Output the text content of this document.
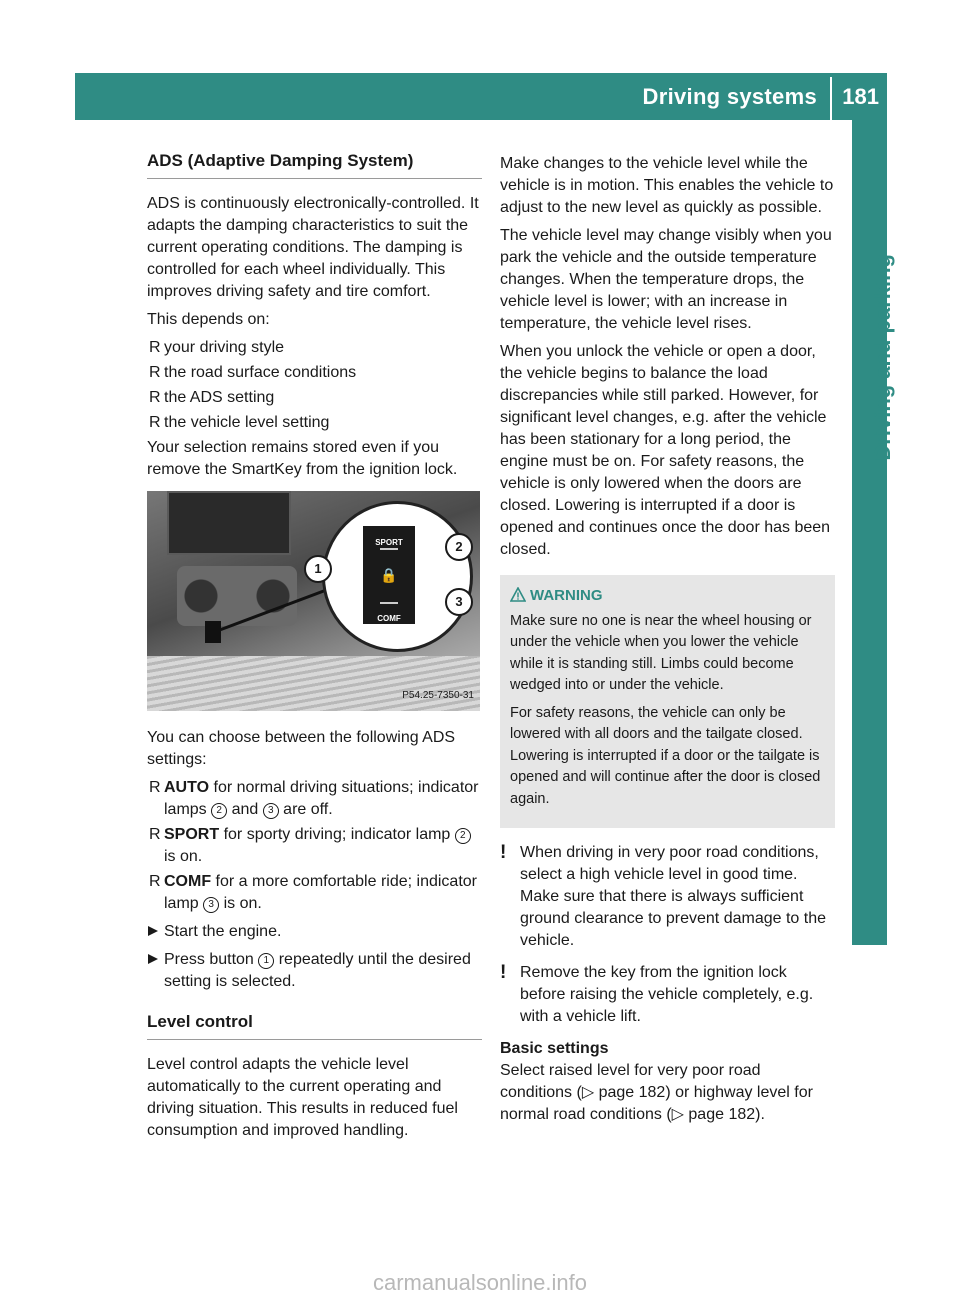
Driving systems 181
Driving and parking
ADS (Adaptive Damping System)

ADS is continuously electronically-controlled. It adapts the damping characteristics to suit the current operating conditions. The damping is controlled for each wheel individually. This improves driving safety and tire comfort.

This depends on:

R your driving style
R the road surface conditions
R the ADS setting
R the vehicle level setting

Your selection remains stored even if you remove the SmartKey from the ignition lock.

SPORT
🔒
COMF
1
2
3
P54.25-7350-31

You can choose between the following ADS settings:

R AUTO for normal driving situations; indicator lamps 2 and 3 are off.
R SPORT for sporty driving; indicator lamp 2 is on.
R COMF for a more comfortable ride; indicator lamp 3 is on.
Start the engine.
Press button 1 repeatedly until the desired setting is selected.
Level control

Level control adapts the vehicle level automatically to the current operating and driving situation. This results in reduced fuel consumption and improved handling.

Make changes to the vehicle level while the vehicle is in motion. This enables the vehicle to adjust to the new level as quickly as possible.

The vehicle level may change visibly when you park the vehicle and the outside temperature changes. When the temperature drops, the vehicle level is lower; with an increase in temperature, the vehicle level rises.

When you unlock the vehicle or open a door, the vehicle begins to balance the load discrepancies while still parked. However, for significant level changes, e.g. after the vehicle has been stationary for a long period, the engine must be on. For safety reasons, the vehicle is only lowered when the doors are closed. Lowering is interrupted if a door is opened and continues once the door has been closed.

WARNING

Make sure no one is near the wheel housing or under the vehicle when you lower the vehicle while it is standing still. Limbs could become wedged into or under the vehicle.

For safety reasons, the vehicle can only be lowered with all doors and the tailgate closed. Lowering is interrupted if a door or the tailgate is opened and will continue after the door is closed again.

! When driving in very poor road conditions, select a high vehicle level in good time. Make sure that there is always sufficient ground clearance to prevent damage to the vehicle.
! Remove the key from the ignition lock before raising the vehicle completely, e.g. with a vehicle lift.
Basic settings

Select raised level for very poor road conditions (▷ page 182) or highway level for normal road conditions (▷ page 182).

carmanualsonline.info
